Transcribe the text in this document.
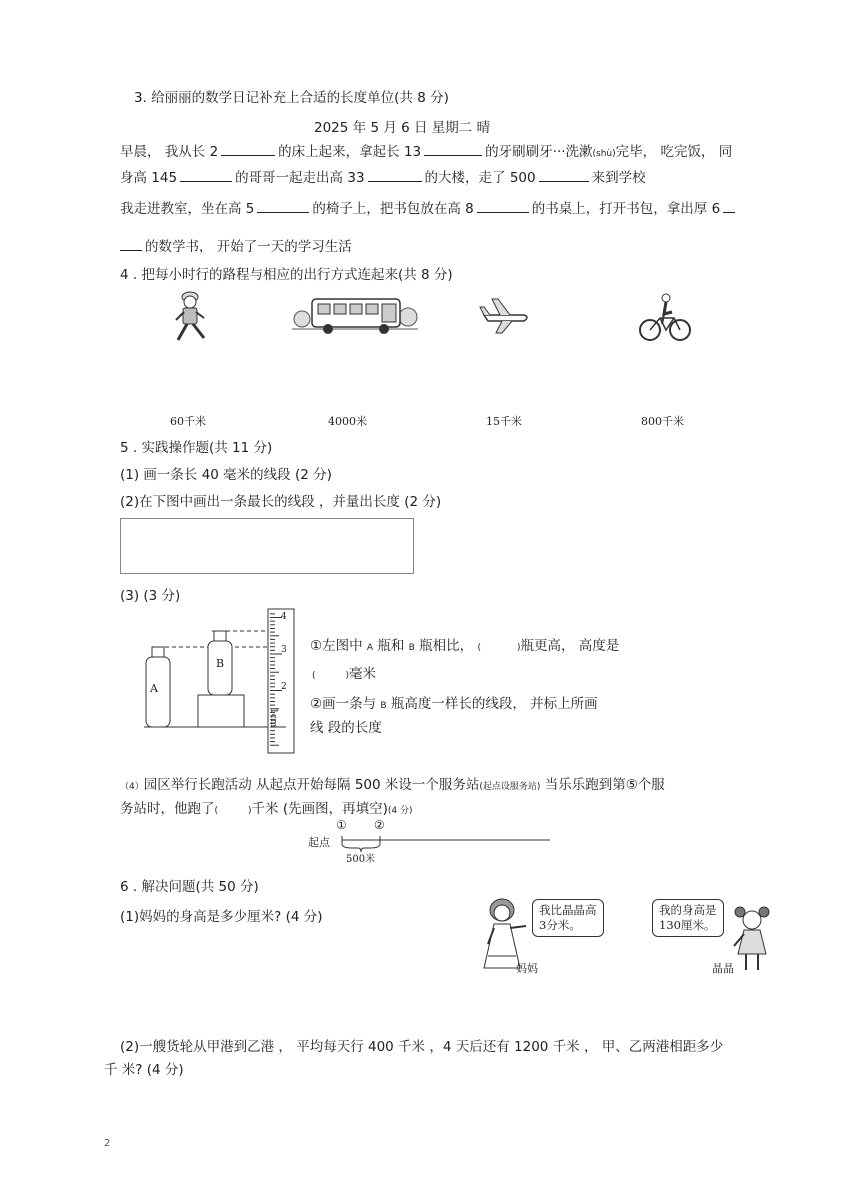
3. 给丽丽的数学日记补充上合适的长度单位(共 8 分)
2025 年 5 月 6 日 星期二 晴
早晨， 我从长 2	的床上起来，拿起长 13	的牙刷刷牙···洗漱(shù)完毕， 吃完饭， 同
身高 145	的哥哥一起走出高 33	的大楼，走了 500	来到学校
我走进教室，坐在高 5	的椅子上，把书包放在高 8	的书桌上，打开书包，拿出厚 6
的数学书， 开始了一天的学习生活
4 . 把每小时行的路程与相应的出行方式连起来(共 8 分)
60千米	4000米	15千米	800千米
5 . 实践操作题(共 11 分)
(1) 画一条长 40 毫米的线段 (2 分)
(2)在下图中画出一条最长的线段 ，并量出长度 (2 分)
(3) (3 分)
A
B
4
3
2
1cm
①左图中 A 瓶和 B 瓶相比， (	)瓶更高， 高度是
(	)毫米
②画一条与 B 瓶高度一样长的线段， 并标上所画
线 段的长度
（4）园区举行长跑活动 从起点开始每隔 500 米设一个服务站(起点设服务站) 当乐乐跑到第⑤个服
务站时，他跑了(	)千米 (先画图，再填空)(4 分)
起点
① ②
500米
6 . 解决问题(共 50 分)
(1)妈妈的身高是多少厘米? (4 分)	我比晶晶高
3分米。
妈妈
我的身高是
130厘米。
晶晶
(2)一艘货轮从甲港到乙港 ， 平均每天行 400 千米 ，4 天后还有 1200 千米 ， 甲、乙两港相距多少
千 米? (4 分)
2
